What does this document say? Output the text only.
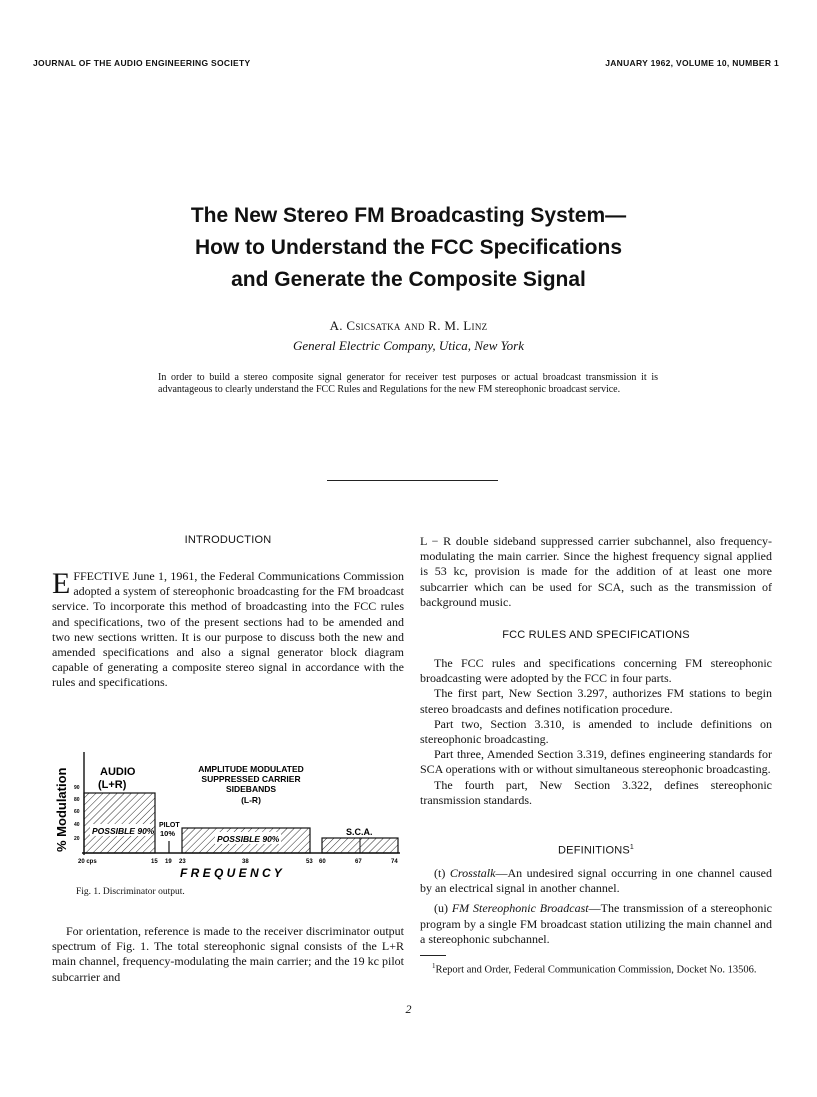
JOURNAL OF THE AUDIO ENGINEERING SOCIETY	JANUARY 1962, VOLUME 10, NUMBER 1
The New Stereo FM Broadcasting System—
How to Understand the FCC Specifications
and Generate the Composite Signal
A. Csicsatka and R. M. Linz
General Electric Company, Utica, New York
In order to build a stereo composite signal generator for receiver test purposes or actual broadcast transmission it is advantageous to clearly understand the FCC Rules and Regulations for the new FM stereophonic broadcast service.
INTRODUCTION
EFFECTIVE June 1, 1961, the Federal Communications Commission adopted a system of stereophonic broadcasting for the FM broadcast service. To incorporate this method of broadcasting into the FCC rules and specifications, two of the present sections had to be amended and two new sections written. It is our purpose to discuss both the new and amended specifications and also a signal generator block diagram capable of generating a composite stereo signal in accordance with the rules and specifications.
% Modulation 90
80
60
40
20
AUDIO
(L+R)
POSSIBLE 90%
PILOT
10%
POSSIBLE 90%
AMPLITUDE MODULATED
SUPPRESSED CARRIER
SIDEBANDS
(L-R)
S.C.A.
20 cps	15 19 23	38	53 60	67	74
F R E Q U E N C Y
Fig. 1. Discriminator output.

For orientation, reference is made to the receiver discriminator output spectrum of Fig. 1. The total stereophonic signal consists of the L+R main channel, frequency-modulating the main carrier; and the 19 kc pilot subcarrier and

L − R double sideband suppressed carrier subchannel, also frequency-modulating the main carrier. Since the highest frequency signal applied is 53 kc, provision is made for the addition of at least one more subcarrier which can be used for SCA, such as the transmission of background music.

FCC RULES AND SPECIFICATIONS

The FCC rules and specifications concerning FM stereophonic broadcasting were adopted by the FCC in four parts.

The first part, New Section 3.297, authorizes FM stations to begin stereo broadcasts and defines notification procedure.

Part two, Section 3.310, is amended to include definitions on stereophonic broadcasting.

Part three, Amended Section 3.319, defines engineering standards for SCA operations with or without simultaneous stereophonic broadcasting.

The fourth part, New Section 3.322, defines stereophonic transmission standards.

DEFINITIONS$^1$

(t) Crosstalk—An undesired signal occurring in one channel caused by an electrical signal in another channel.

(u) FM Stereophonic Broadcast—The transmission of a stereophonic program by a single FM broadcast station utilizing the main channel and a stereophonic subchannel.

$^1$Report and Order, Federal Communication Commission, Docket No. 13506.
2
